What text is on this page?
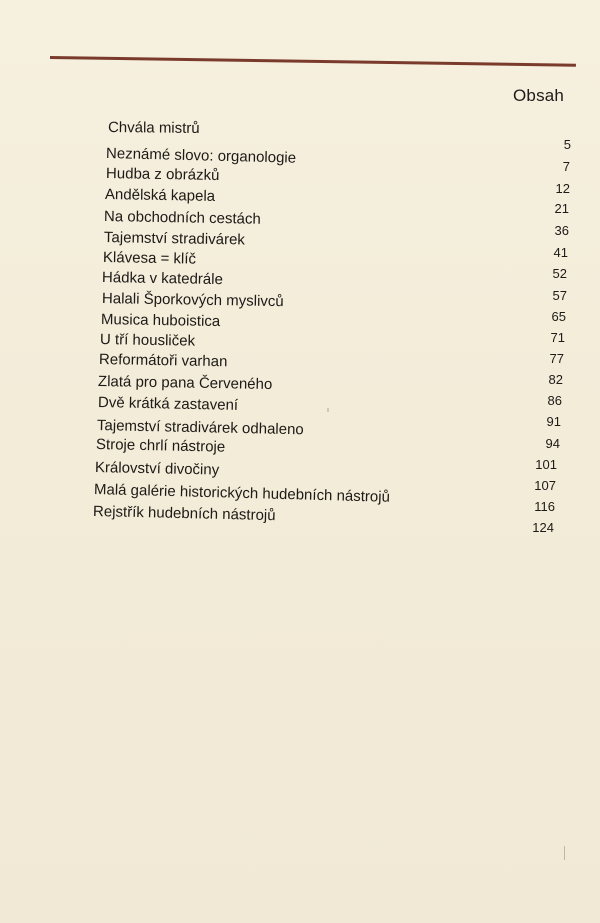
Obsah
Chvála mistrů
5
Neznámé slovo: organologie	7
Hudba z obrázků
12
Andělská kapela
21
Na obchodních cestách
36
Tajemství stradivárek
41
Klávesa = klíč
52
Hádka v katedrále
57
Halali Šporkových myslivců
65
Musica huboistica
71
U tří housliček
77
Reformátoři varhan
82
Zlatá pro pana Červeného
86
Dvě krátká zastavení
91
Tajemství stradivárek odhaleno
94
Stroje chrlí nástroje
101
Království divočiny
107
Malá galérie historických hudebních nástrojů
116
Rejstřík hudebních nástrojů
124
